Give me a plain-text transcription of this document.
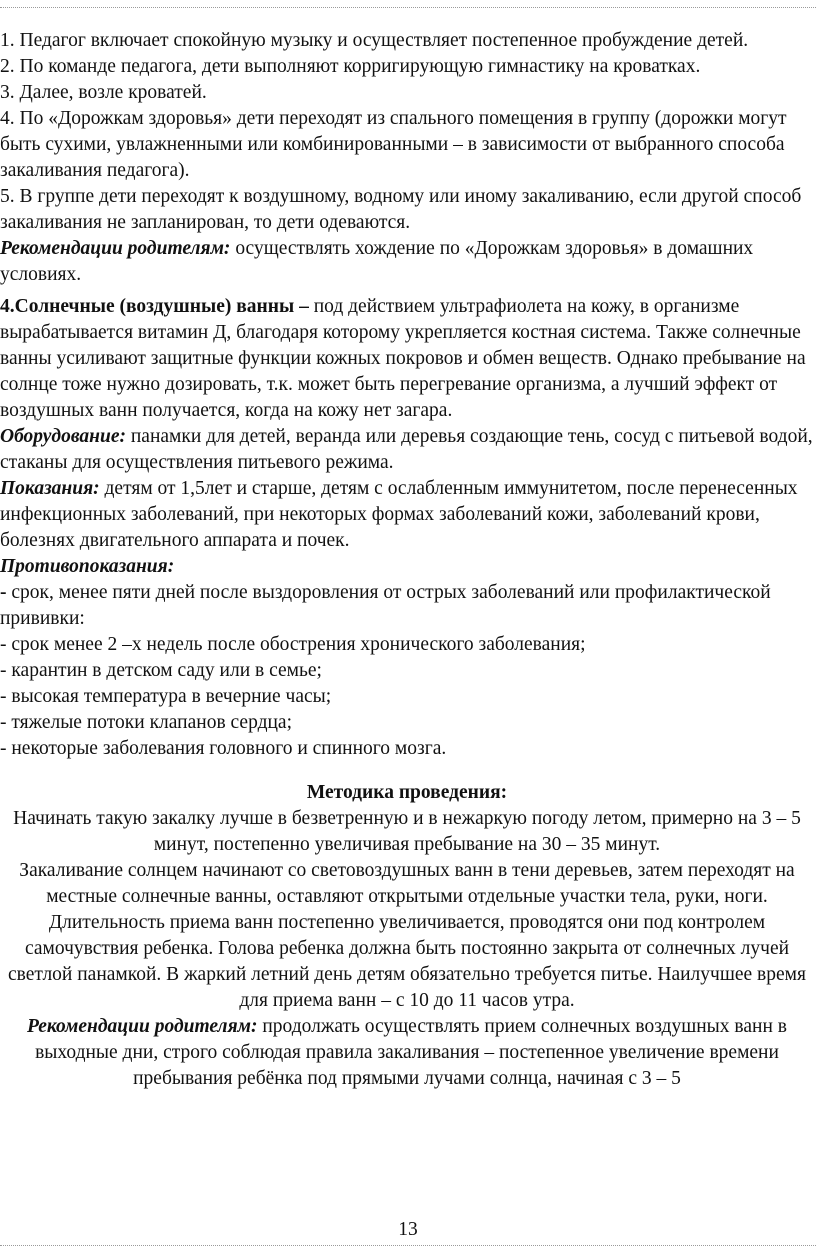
1. Педагог включает спокойную музыку и осуществляет постепенное пробуждение детей.

2. По команде педагога, дети выполняют корригирующую гимнастику на кроватках.

3. Далее, возле кроватей.

4. По «Дорожкам здоровья» дети переходят из спального помещения в группу (дорожки могут быть сухими, увлажненными или комбинированными – в зависимости от выбранного способа закаливания педагога).

5. В группе дети переходят к воздушному, водному или иному закаливанию, если другой способ закаливания не запланирован, то дети одеваются.

Рекомендации родителям: осуществлять хождение по «Дорожкам здоровья» в домашних условиях.

4.Солнечные (воздушные) ванны – под действием ультрафиолета на кожу, в организме вырабатывается витамин Д, благодаря которому укрепляется костная система. Также солнечные ванны усиливают защитные функции кожных покровов и обмен веществ. Однако пребывание на солнце тоже нужно дозировать, т.к. может быть перегревание организма, а лучший эффект от воздушных ванн получается, когда на кожу нет загара.

Оборудование: панамки для детей, веранда или деревья создающие тень, сосуд с питьевой водой, стаканы для осуществления питьевого режима.

Показания: детям от 1,5лет и старше, детям с ослабленным иммунитетом, после перенесенных инфекционных заболеваний, при некоторых формах заболеваний кожи, заболеваний крови, болезнях двигательного аппарата и почек.

Противопоказания:

- срок, менее пяти дней после выздоровления от острых заболеваний или профилактической прививки:

- срок менее 2 –х недель после обострения хронического заболевания;

- карантин в детском саду или в семье;

- высокая температура в вечерние часы;

- тяжелые потоки клапанов сердца;

- некоторые заболевания головного и спинного мозга.

Методика проведения:

Начинать такую закалку лучше в безветренную и в нежаркую погоду летом, примерно на 3 – 5 минут, постепенно увеличивая пребывание на 30 – 35 минут.

Закаливание солнцем начинают со световоздушных ванн в тени деревьев, затем переходят на местные солнечные ванны, оставляют открытыми отдельные участки тела, руки, ноги. Длительность приема ванн постепенно увеличивается, проводятся они под контролем самочувствия ребенка. Голова ребенка должна быть постоянно закрыта от солнечных лучей светлой панамкой. В жаркий летний день детям обязательно требуется питье. Наилучшее время для приема ванн – с 10 до 11 часов утра.

Рекомендации родителям: продолжать осуществлять прием солнечных воздушных ванн в выходные дни, строго соблюдая правила закаливания – постепенное увеличение времени пребывания ребёнка под прямыми лучами солнца, начиная с 3 – 5

13
